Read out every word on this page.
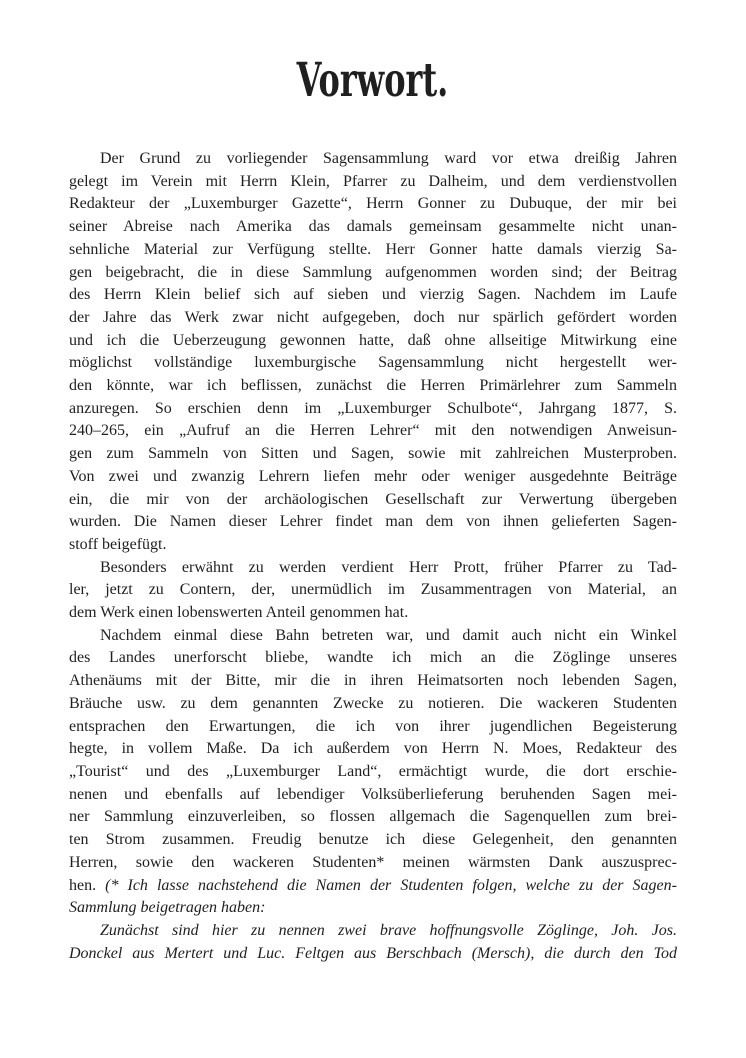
Vorwort.
Der Grund zu vorliegender Sagensammlung ward vor etwa dreißig Jahren
gelegt im Verein mit Herrn Klein, Pfarrer zu Dalheim, und dem verdienstvollen
Redakteur der „Luxemburger Gazette“, Herrn Gonner zu Dubuque, der mir bei
seiner Abreise nach Amerika das damals gemeinsam gesammelte nicht unan-
sehnliche Material zur Verfügung stellte. Herr Gonner hatte damals vierzig Sa-
gen beigebracht, die in diese Sammlung aufgenommen worden sind; der Beitrag
des Herrn Klein belief sich auf sieben und vierzig Sagen. Nachdem im Laufe
der Jahre das Werk zwar nicht aufgegeben, doch nur spärlich gefördert worden
und ich die Ueberzeugung gewonnen hatte, daß ohne allseitige Mitwirkung eine
möglichst vollständige luxemburgische Sagensammlung nicht hergestellt wer-
den könnte, war ich beflissen, zunächst die Herren Primärlehrer zum Sammeln
anzuregen. So erschien denn im „Luxemburger Schulbote“, Jahrgang 1877, S.
240–265, ein „Aufruf an die Herren Lehrer“ mit den notwendigen Anweisun-
gen zum Sammeln von Sitten und Sagen, sowie mit zahlreichen Musterproben.
Von zwei und zwanzig Lehrern liefen mehr oder weniger ausgedehnte Beiträge
ein, die mir von der archäologischen Gesellschaft zur Verwertung übergeben
wurden. Die Namen dieser Lehrer findet man dem von ihnen gelieferten Sagen-
stoff beigefügt.
Besonders erwähnt zu werden verdient Herr Prott, früher Pfarrer zu Tad-
ler, jetzt zu Contern, der, unermüdlich im Zusammentragen von Material, an
dem Werk einen lobenswerten Anteil genommen hat.
Nachdem einmal diese Bahn betreten war, und damit auch nicht ein Winkel
des Landes unerforscht bliebe, wandte ich mich an die Zöglinge unseres
Athenäums mit der Bitte, mir die in ihren Heimatsorten noch lebenden Sagen,
Bräuche usw. zu dem genannten Zwecke zu notieren. Die wackeren Studenten
entsprachen den Erwartungen, die ich von ihrer jugendlichen Begeisterung
hegte, in vollem Maße. Da ich außerdem von Herrn N. Moes, Redakteur des
„Tourist“ und des „Luxemburger Land“, ermächtigt wurde, die dort erschie-
nenen und ebenfalls auf lebendiger Volksüberlieferung beruhenden Sagen mei-
ner Sammlung einzuverleiben, so flossen allgemach die Sagenquellen zum brei-
ten Strom zusammen. Freudig benutze ich diese Gelegenheit, den genannten
Herren, sowie den wackeren Studenten* meinen wärmsten Dank auszusprec-
hen. (* Ich lasse nachstehend die Namen der Studenten folgen, welche zu der Sagen-
Sammlung beigetragen haben:
Zunächst sind hier zu nennen zwei brave hoffnungsvolle Zöglinge, Joh. Jos.
Donckel aus Mertert und Luc. Feltgen aus Berschbach (Mersch), die durch den Tod
